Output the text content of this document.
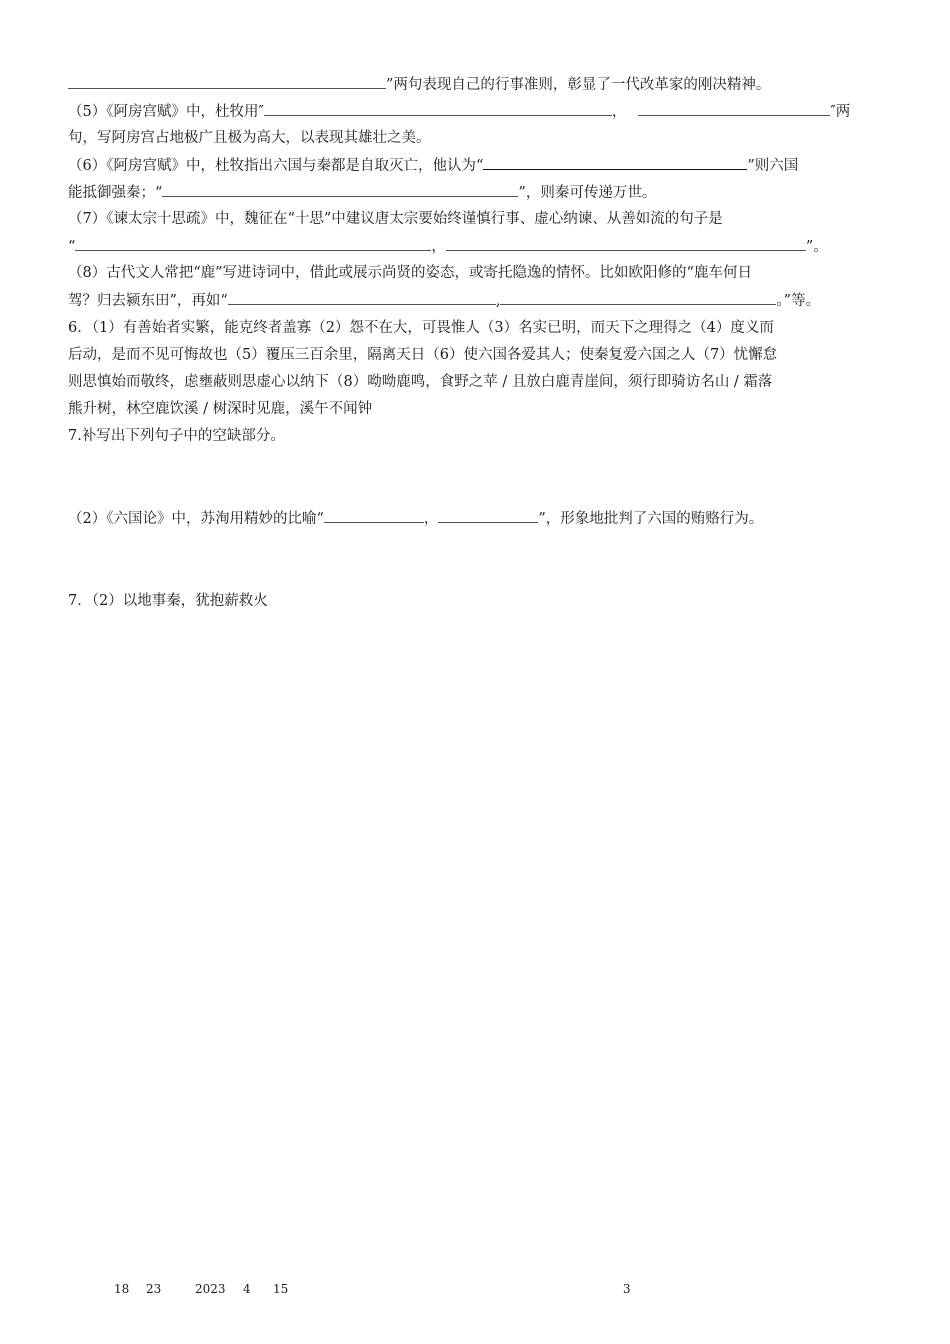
”两句表现自己的行事准则，彰显了一代改革家的刚决精神。
（5）《阿房宫赋》中，杜牧用″	，	″两
句，写阿房宫占地极广且极为高大，以表现其雄壮之美。
（6）《阿房宫赋》中，杜牧指出六国与秦都是自取灭亡，他认为“	”则六国
能抵御强秦；“	”，则秦可传递万世。
（7）《谏太宗十思疏》中，魏征在“十思”中建议唐太宗要始终谨慎行事、虚心纳谏、从善如流的句子是
“	，	”。
（8）古代文人常把“鹿”写进诗词中，借此或展示尚贤的姿态，或寄托隐逸的情怀。比如欧阳修的“鹿车何日
驾？归去颍东田”，再如“	,	。”等。
6．（1）有善始者实繁，能克终者盖寡（2）怨不在大，可畏惟人（3）名实已明，而天下之理得之（4）度义而
后动，是而不见可悔故也（5）覆压三百余里，隔离天日（6）使六国各爱其人；使秦复爱六国之人（7）忧懈怠
则思慎始而敬终，虑壅蔽则思虚心以纳下（8）呦呦鹿鸣，食野之苹 / 且放白鹿青崖间，须行即骑访名山 / 霜落
熊升树，林空鹿饮溪 / 树深时见鹿，溪午不闻钟
7.补写出下列句子中的空缺部分。
（2）《六国论》中，苏洵用精妙的比喻“	，	”，形象地批判了六国的贿赂行为。
7．（2）以地事秦，犹抱薪救火
18 23	2023 4 15	3
